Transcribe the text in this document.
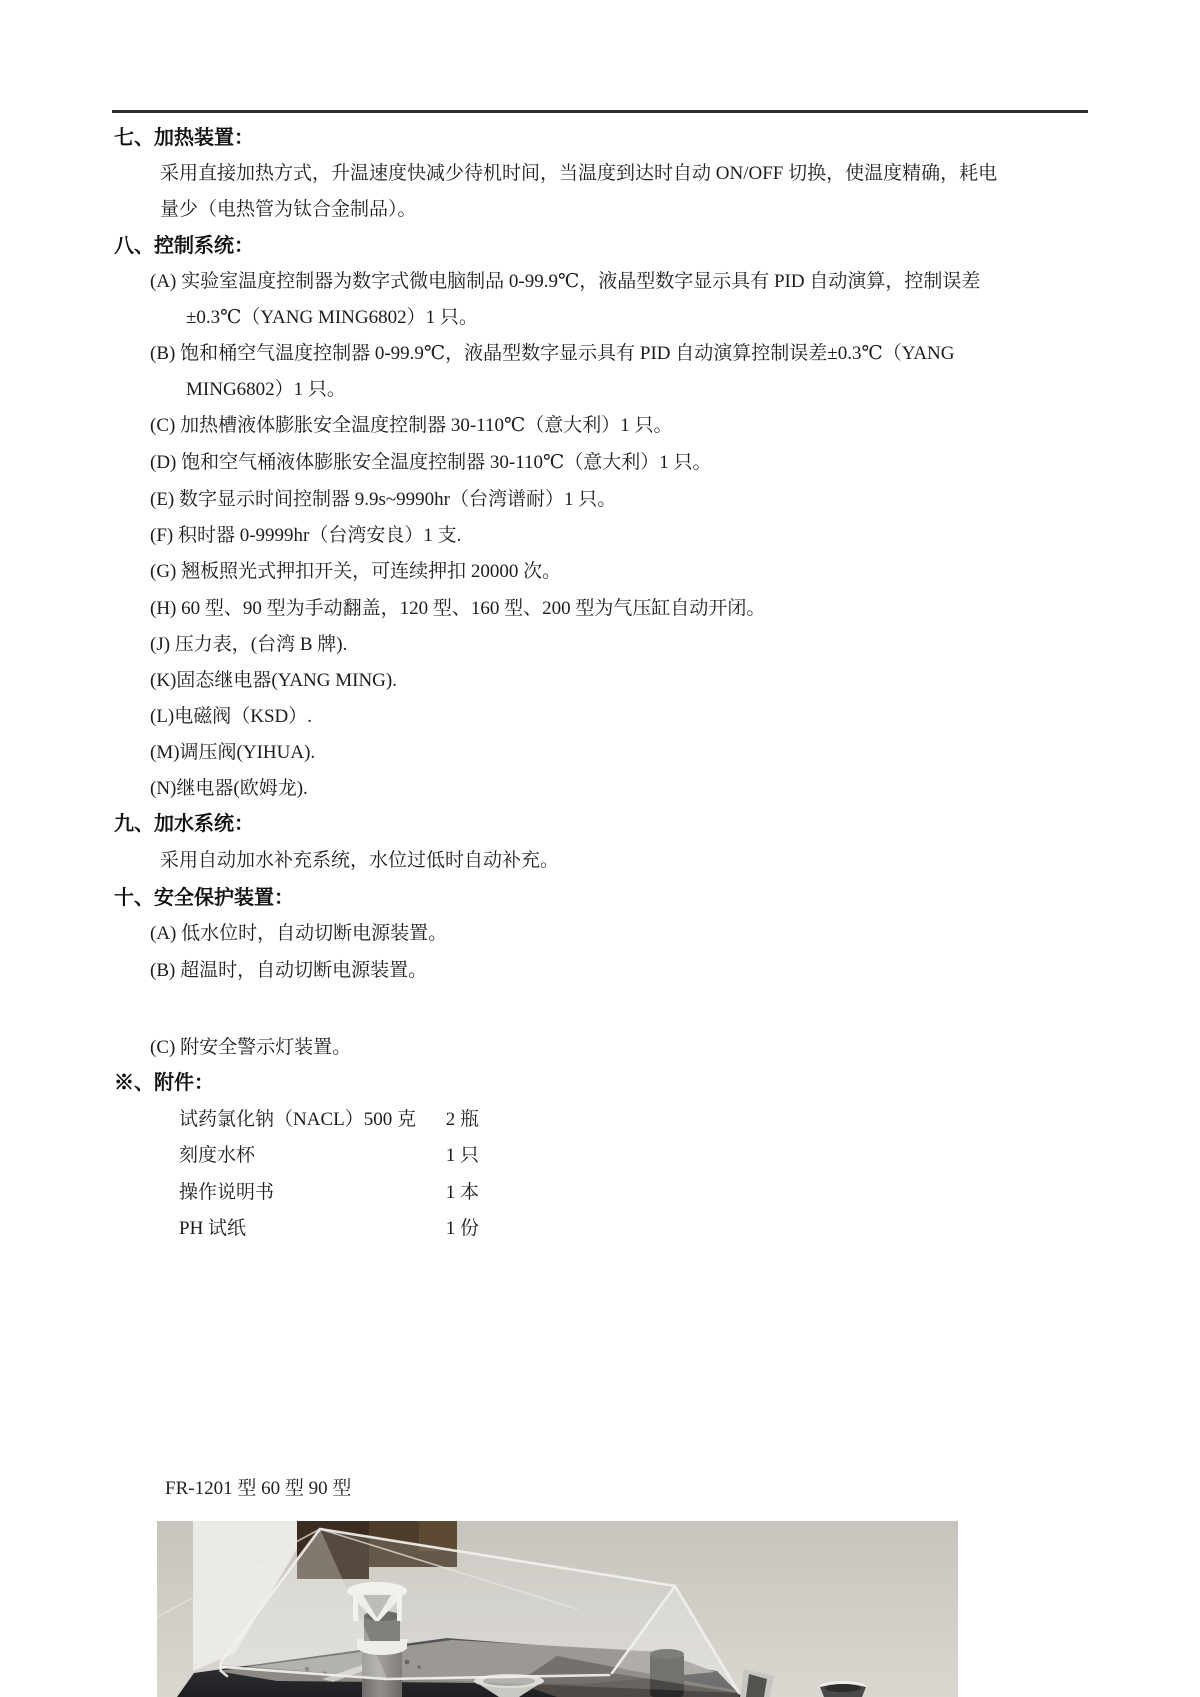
七、加热装置：
采用直接加热方式，升温速度快减少待机时间，当温度到达时自动 ON/OFF 切换，使温度精确，耗电
量少（电热管为钛合金制品）。
八、控制系统：
(A) 实验室温度控制器为数字式微电脑制品 0-99.9℃，液晶型数字显示具有 PID 自动演算，控制误差
±0.3℃（YANG MING6802）1 只。
(B) 饱和桶空气温度控制器 0-99.9℃，液晶型数字显示具有 PID 自动演算控制误差±0.3℃（YANG
MING6802）1 只。
(C) 加热槽液体膨胀安全温度控制器 30-110℃（意大利）1 只。
(D) 饱和空气桶液体膨胀安全温度控制器 30-110℃（意大利）1 只。
(E) 数字显示时间控制器 9.9s~9990hr（台湾谱耐）1 只。
(F) 积时器 0-9999hr（台湾安良）1 支.
(G) 翘板照光式押扣开关，可连续押扣 20000 次。
(H) 60 型、90 型为手动翻盖，120 型、160 型、200 型为气压缸自动开闭。
(J) 压力表，(台湾 B 牌).
(K)固态继电器(YANG MING).
(L)电磁阀（KSD）.
(M)调压阀(YIHUA).
(N)继电器(欧姆龙).
九、加水系统：
采用自动加水补充系统，水位过低时自动补充。
十、安全保护装置：
(A) 低水位时，自动切断电源装置。
(B) 超温时，自动切断电源装置。
(C) 附安全警示灯装置。
※、附件：
试药氯化钠（NACL）500 克 2 瓶
刻度水杯	1 只
操作说明书	1 本
PH 试纸	1 份
FR-1201 型 60 型 90 型
